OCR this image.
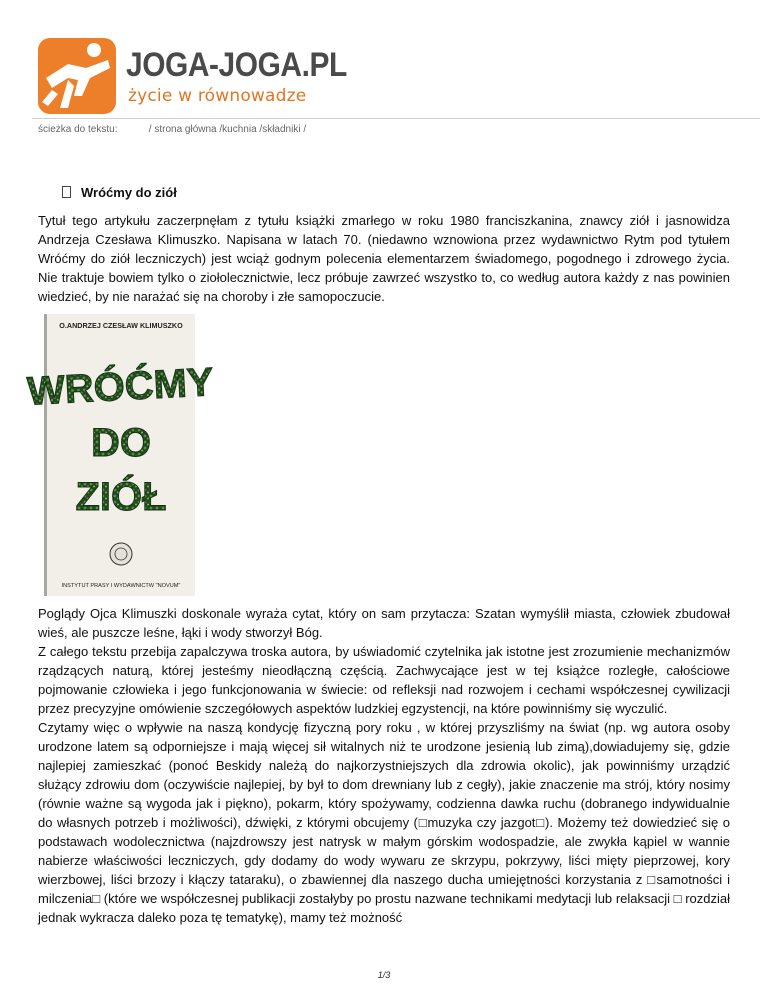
JOGA-JOGA.PL
życie w równowadze
ścieżka do tekstu:	/ strona główna /kuchnia /składniki /
Wróćmy do ziół

Tytuł tego artykułu zaczerpnęłam z tytułu książki zmarłego w roku 1980 franciszkanina, znawcy ziół i jasnowidza Andrzeja Czesława Klimuszko. Napisana w latach 70. (niedawno wznowiona przez wydawnictwo Rytm pod tytułem Wróćmy do ziół leczniczych) jest wciąż godnym polecenia elementarzem świadomego, pogodnego i zdrowego życia. Nie traktuje bowiem tylko o ziołolecznictwie, lecz próbuje zawrzeć wszystko to, co według autora każdy z nas powinien wiedzieć, by nie narażać się na choroby i złe samopoczucie.

O.ANDRZEJ CZESŁAW KLIMUSZKO
WRÓĆMY
DO
ZIÓŁ
INSTYTUT PRASY I WYDAWNICTW "NOVUM"

Poglądy Ojca Klimuszki doskonale wyraża cytat, który on sam przytacza: Szatan wymyślił miasta, człowiek zbudował wieś, ale puszcze leśne, łąki i wody stworzył Bóg.

Z całego tekstu przebija zapalczywa troska autora, by uświadomić czytelnika jak istotne jest zrozumienie mechanizmów rządzących naturą, której jesteśmy nieodłączną częścią. Zachwycające jest w tej książce rozległe, całościowe pojmowanie człowieka i jego funkcjonowania w świecie: od refleksji nad rozwojem i cechami współczesnej cywilizacji przez precyzyjne omówienie szczegółowych aspektów ludzkiej egzystencji, na które powinniśmy się wyczulić.

Czytamy więc o wpływie na naszą kondycję fizyczną pory roku , w której przyszliśmy na świat (np. wg autora osoby urodzone latem są odporniejsze i mają więcej sił witalnych niż te urodzone jesienią lub zimą),dowiadujemy się, gdzie najlepiej zamieszkać (ponoć Beskidy należą do najkorzystniejszych dla zdrowia okolic), jak powinniśmy urządzić służący zdrowiu dom (oczywiście najlepiej, by był to dom drewniany lub z cegły), jakie znaczenie ma strój, który nosimy (równie ważne są wygoda jak i piękno), pokarm, który spożywamy, codzienna dawka ruchu (dobranego indywidualnie do własnych potrzeb i możliwości), dźwięki, z którymi obcujemy (□muzyka czy jazgot□). Możemy też dowiedzieć się o podstawach wodolecznictwa (najzdrowszy jest natrysk w małym górskim wodospadzie, ale zwykła kąpiel w wannie nabierze właściwości leczniczych, gdy dodamy do wody wywaru ze skrzypu, pokrzywy, liści mięty pieprzowej, kory wierzbowej, liści brzozy i kłączy tataraku), o zbawiennej dla naszego ducha umiejętności korzystania z □samotności i milczenia□ (które we współczesnej publikacji zostałyby po prostu nazwane technikami medytacji lub relaksacji □ rozdział jednak wykracza daleko poza tę tematykę), mamy też możność

1/3
